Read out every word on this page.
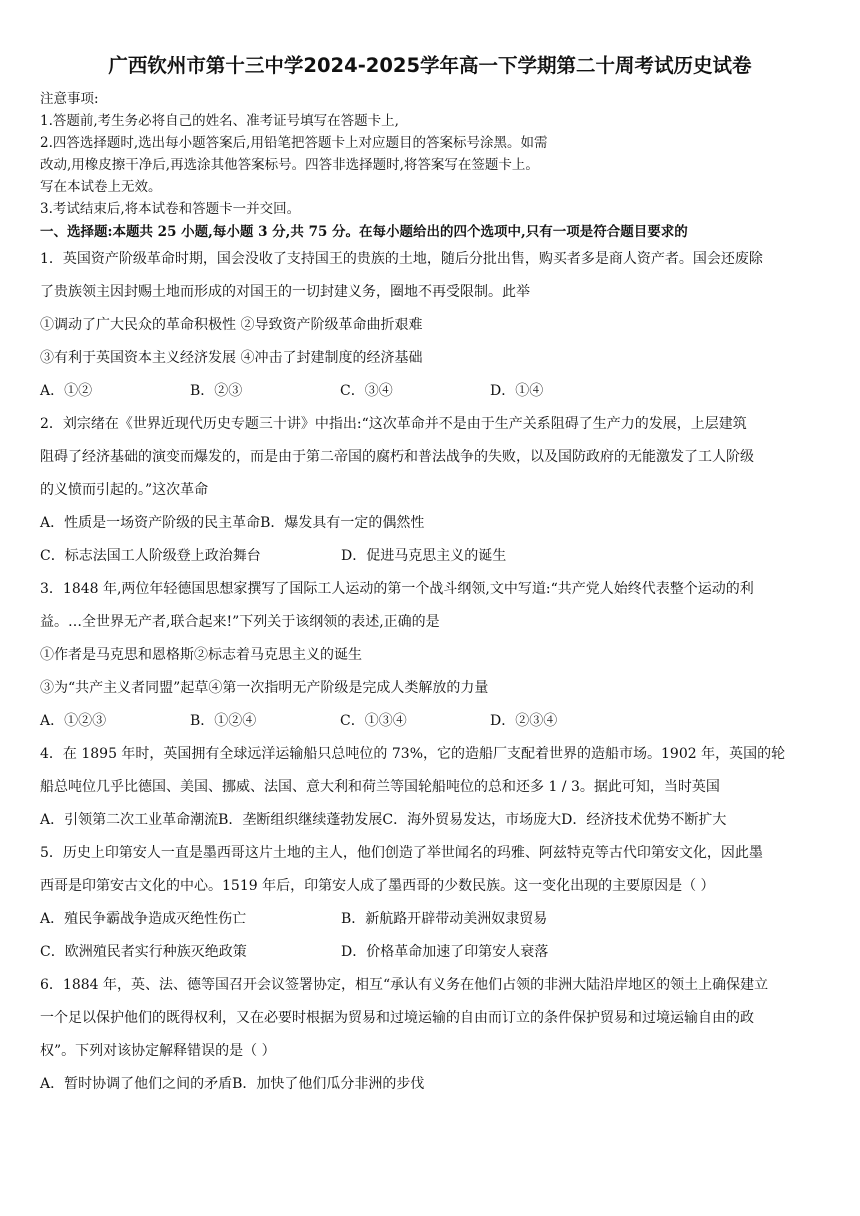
广西钦州市第十三中学2024-2025学年高一下学期第二十周考试历史试卷
注意事项:
1.答题前,考生务必将自己的姓名、准考证号填写在答题卡上,
2.四答选择题时,选出每小题答案后,用铅笔把答题卡上对应题目的答案标号涂黑。如需
改动,用橡皮擦干净后,再选涂其他答案标号。四答非选择题时,将答案写在签题卡上。
写在本试卷上无效。
3.考试结束后,将本试卷和答题卡一并交回。
一、选择题:本题共 25 小题,每小题 3 分,共 75 分。在每小题给出的四个选项中,只有一项是符合题目要求的
1．英国资产阶级革命时期，国会没收了支持国王的贵族的土地，随后分批出售，购买者多是商人资产者。国会还废除
了贵族领主因封赐土地而形成的对国王的一切封建义务，圈地不再受限制。此举
①调动了广大民众的革命积极性 ②导致资产阶级革命曲折艰难
③有利于英国资本主义经济发展 ④冲击了封建制度的经济基础
A．①②	B．②③	C．③④	D．①④
2．刘宗绪在《世界近现代历史专题三十讲》中指出:“这次革命并不是由于生产关系阻碍了生产力的发展，上层建筑
阻碍了经济基础的演变而爆发的，而是由于第二帝国的腐朽和普法战争的失败，以及国防政府的无能激发了工人阶级
的义愤而引起的。”这次革命
A．性质是一场资产阶级的民主革命 B．爆发具有一定的偶然性
C．标志法国工人阶级登上政治舞台	D．促进马克思主义的诞生
3．1848 年,两位年轻德国思想家撰写了国际工人运动的第一个战斗纲领,文中写道:“共产党人始终代表整个运动的利
益。…全世界无产者,联合起来!”下列关于该纲领的表述,正确的是
①作者是马克思和恩格斯②标志着马克思主义的诞生
③为“共产主义者同盟”起草④第一次指明无产阶级是完成人类解放的力量
A．①②③	B．①②④	C．①③④	D．②③④
4．在 1895 年时，英国拥有全球远洋运输船只总吨位的 73%，它的造船厂支配着世界的造船市场。1902 年，英国的轮
船总吨位几乎比德国、美国、挪威、法国、意大利和荷兰等国轮船吨位的总和还多 1 / 3。据此可知，当时英国
A．引领第二次工业革命潮流 B．垄断组织继续蓬勃发展 C．海外贸易发达，市场庞大 D．经济技术优势不断扩大
5．历史上印第安人一直是墨西哥这片土地的主人，他们创造了举世闻名的玛雅、阿兹特克等古代印第安文化，因此墨
西哥是印第安古文化的中心。1519 年后，印第安人成了墨西哥的少数民族。这一变化出现的主要原因是（ ）
A．殖民争霸战争造成灭绝性伤亡	B．新航路开辟带动美洲奴隶贸易
C．欧洲殖民者实行种族灭绝政策	D．价格革命加速了印第安人衰落
6．1884 年，英、法、德等国召开会议签署协定，相互“承认有义务在他们占领的非洲大陆沿岸地区的领土上确保建立
一个足以保护他们的既得权利，又在必要时根据为贸易和过境运输的自由而订立的条件保护贸易和过境运输自由的政
权”。下列对该协定解释错误的是（ ）
A．暂时协调了他们之间的矛盾 B．加快了他们瓜分非洲的步伐
